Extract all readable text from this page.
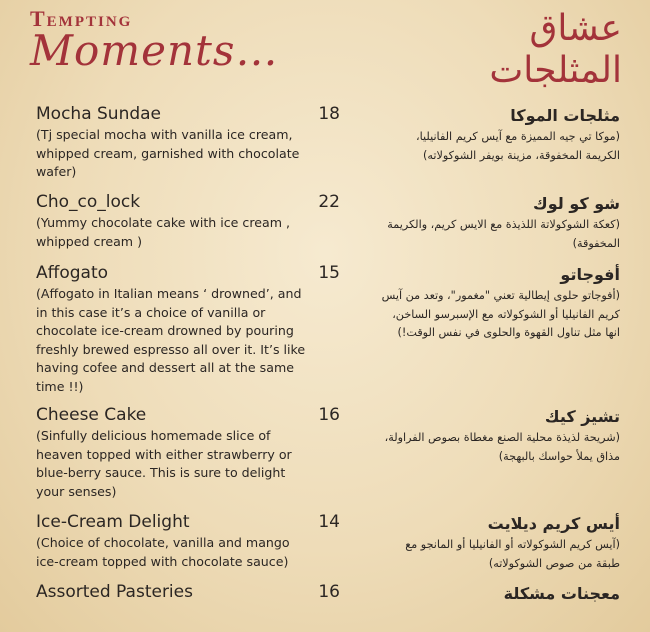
Tempting
Moments…	عشاق
المثلجات
Mocha Sundae	18
(Tj special mocha with vanilla ice cream, whipped cream, garnished with chocolate wafer)
مثلجات الموكا
(موكا تي جيه المميزة مع آيس كريم الفانيليا، الكريمة المخفوقة، مزينة بويفر الشوكولاته)
Cho_co_lock	22
(Yummy chocolate cake with ice cream , whipped cream )
شو كو لوك
(كعكة الشوكولاتة اللذيذة مع الايس كريم، والكريمة المخفوقة)
Affogato	15
(Affogato in Italian means ‘ drowned’, and in this case it’s a choice of vanilla or chocolate ice-cream drowned by pouring freshly brewed espresso all over it. It’s like having cofee and dessert all at the same time !!)
أفوجاتو
(أفوجاتو حلوى إيطالية تعني "مغمور"، وتعد من آيس كريم الفانيليا أو الشوكولاته مع الإسبرسو الساخن، انها مثل تناول القهوة والحلوى في نفس الوقت!)
Cheese Cake	16
(Sinfully delicious homemade slice of heaven topped with either strawberry or blue-berry sauce. This is sure to delight your senses)
تشيز كيك
(شريحة لذيذة محلية الصنع مغطاة بصوص الفراولة، مذاق يملأ حواسك بالبهجة)
Ice-Cream Delight	14
(Choice of chocolate, vanilla and mango ice-cream topped with chocolate sauce)
أيس كريم ديلايت
(آيس كريم الشوكولاته أو الفانيليا أو المانجو مع طبقة من صوص الشوكولاته)
Assorted Pasteries	16	معجنات مشكلة
